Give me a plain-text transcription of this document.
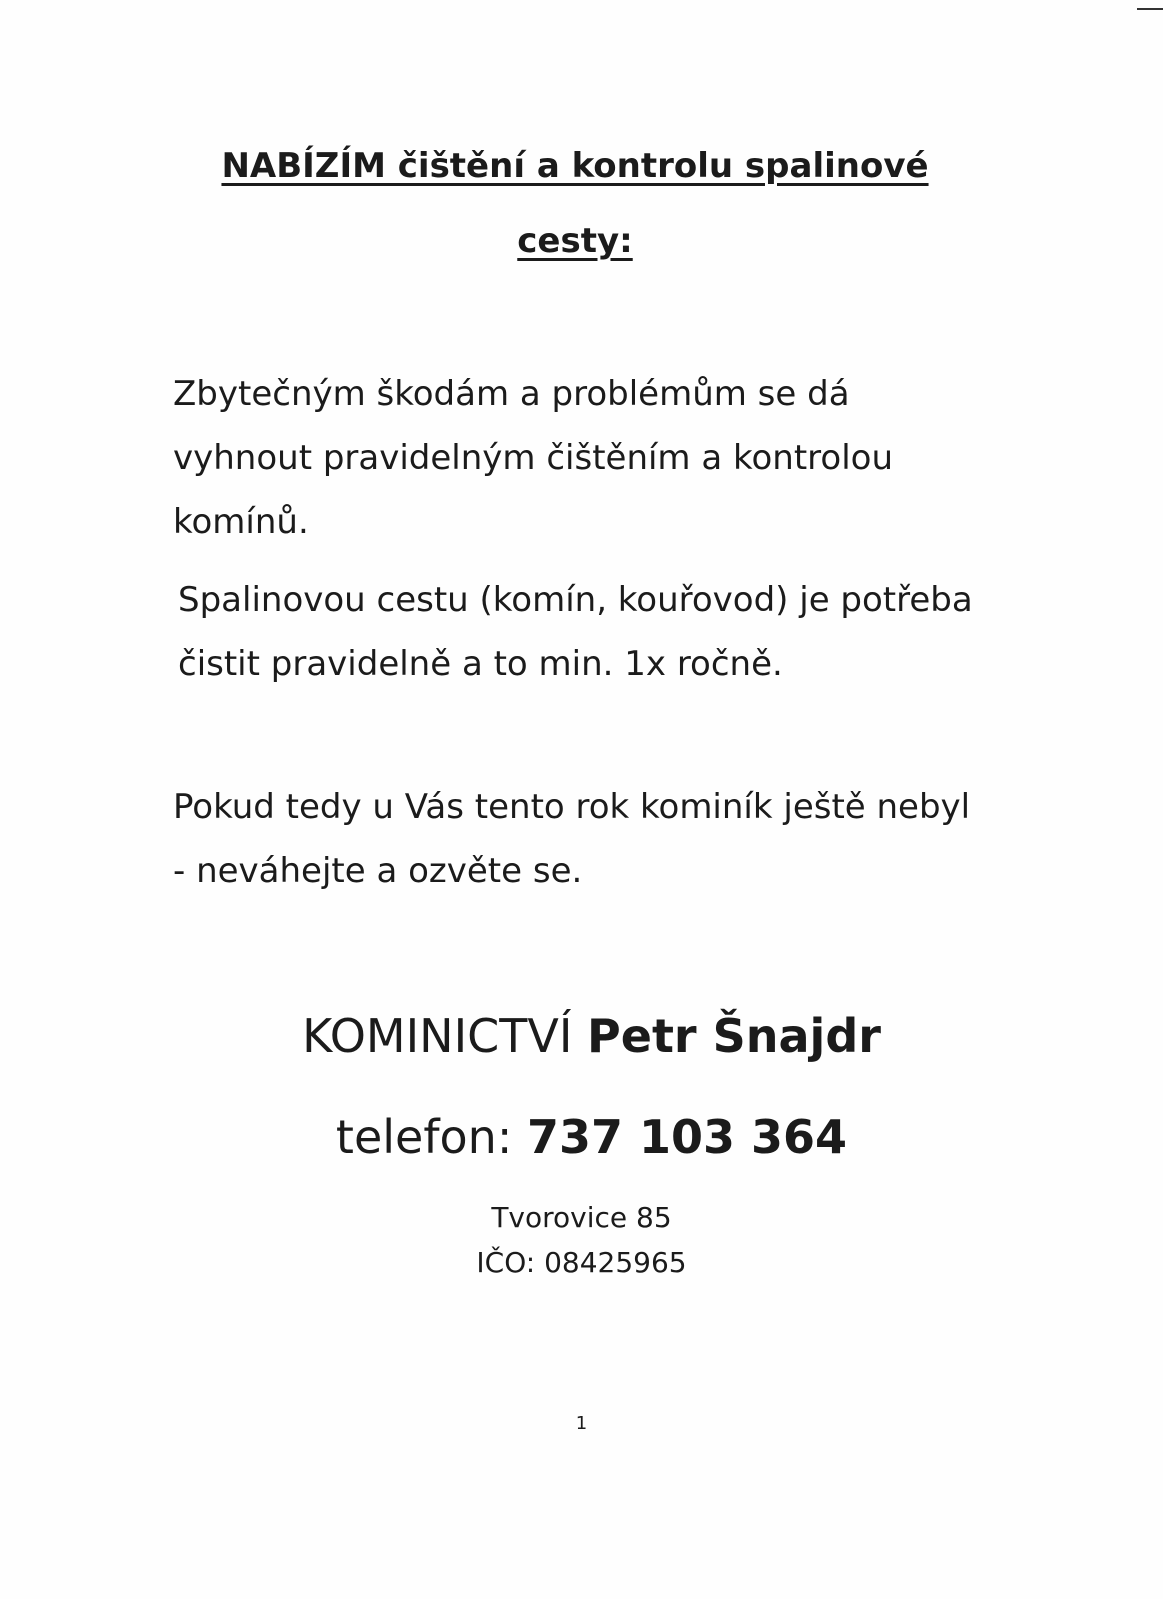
NABÍZÍM čištění a kontrolu spalinové
cesty:

Zbytečným škodám a problémům se dá vyhnout pravidelným čištěním a kontrolou komínů.

Spalinovou cestu (komín, kouřovod) je potřeba čistit pravidelně a to min. 1x ročně.

Pokud tedy u Vás tento rok kominík ještě nebyl - neváhejte a ozvěte se.

KOMINICTVÍ Petr Šnajdr
telefon: 737 103 364
Tvorovice 85
IČO: 08425965
1
